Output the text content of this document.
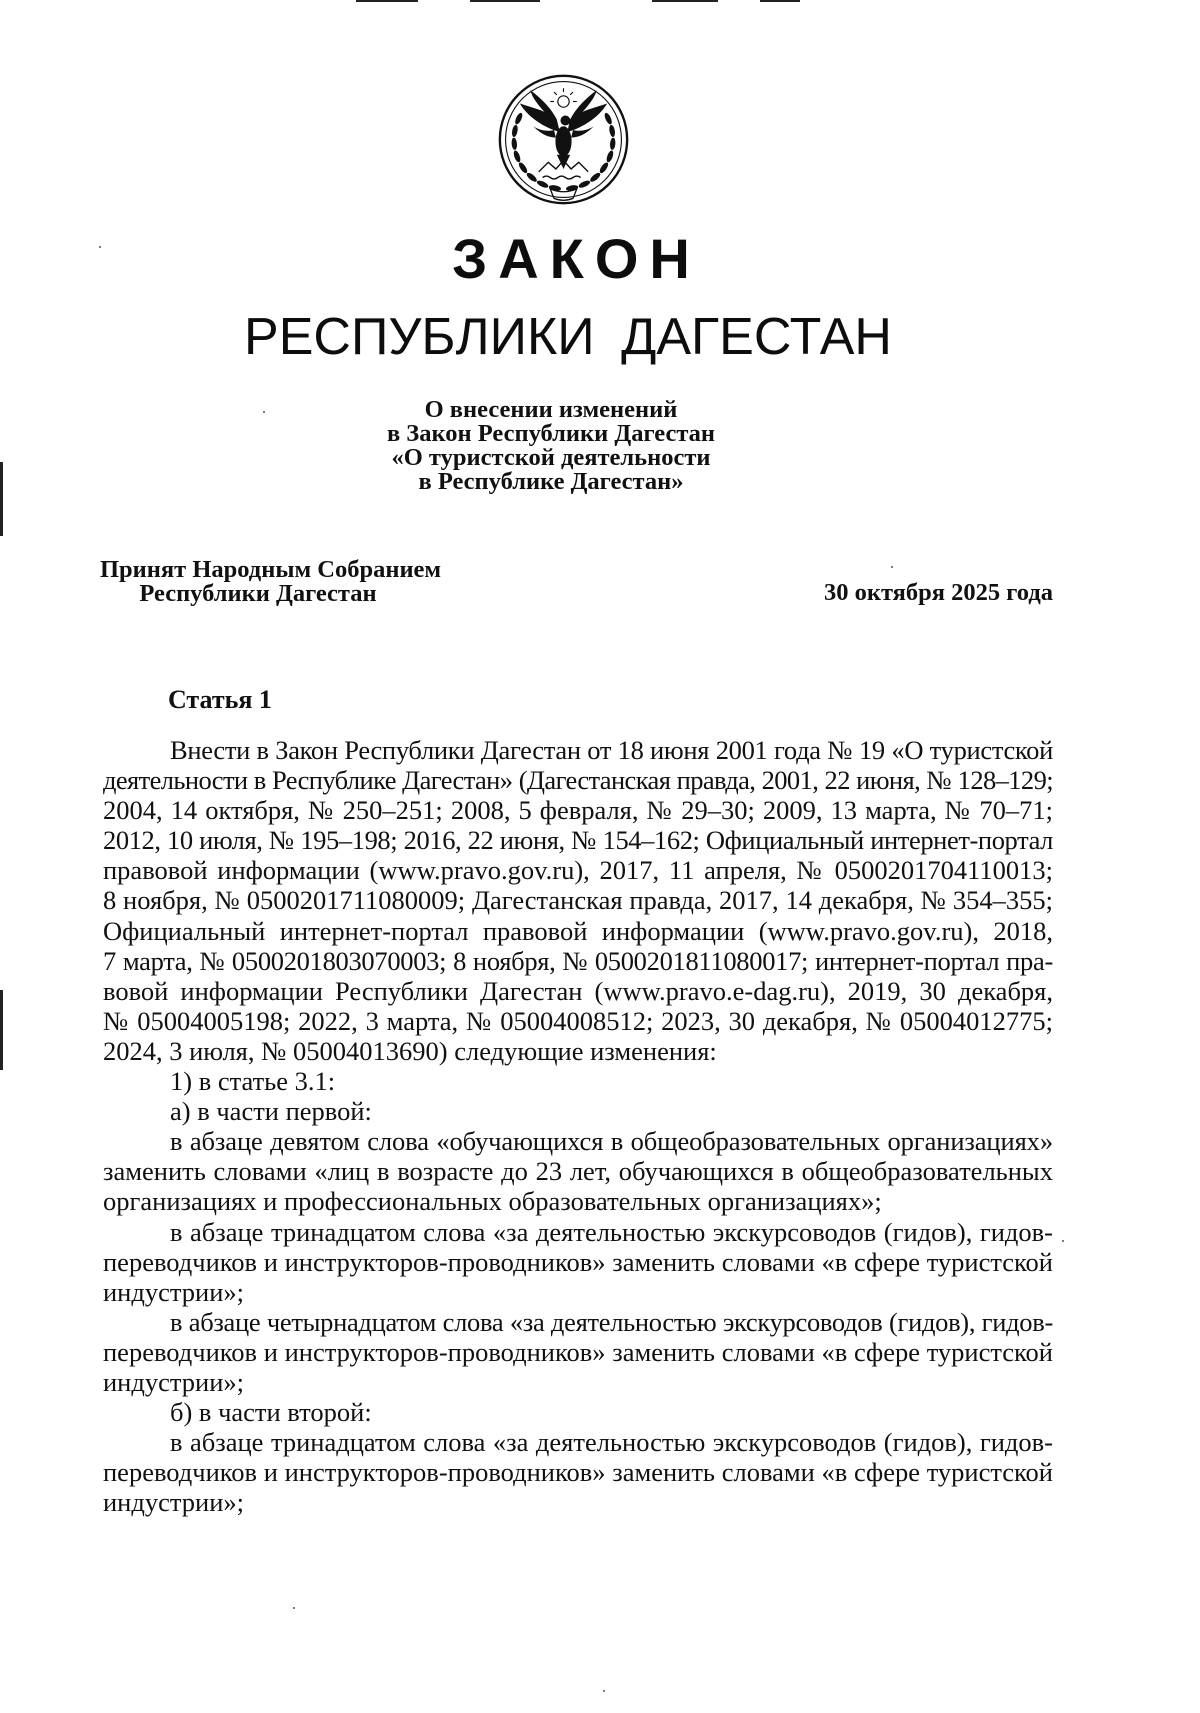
ЗАКОН
РЕСПУБЛИКИ ДАГЕСТАН
О внесении изменений
в Закон Республики Дагестан
«О туристской деятельности
в Республике Дагестан»
Принят Народным Собранием
Республики Дагестан	30 октября 2025 года
Статья 1
Внести в Закон Республики Дагестан от 18 июня 2001 года № 19 «О туристской
деятельности в Республике Дагестан» (Дагестанская правда, 2001, 22 июня, № 128–129;
2004, 14 октября, № 250–251; 2008, 5 февраля, № 29–30; 2009, 13 марта, № 70–71;
2012, 10 июля, № 195–198; 2016, 22 июня, № 154–162; Официальный интернет-портал
правовой информации (www.pravo.gov.ru), 2017, 11 апреля, № 0500201704110013;
8 ноября, № 0500201711080009; Дагестанская правда, 2017, 14 декабря, № 354–355;
Официальный интернет-портал правовой информации (www.pravo.gov.ru), 2018,
7 марта, № 0500201803070003; 8 ноября, № 0500201811080017; интернет-портал пра-
вовой информации Республики Дагестан (www.pravo.e-dag.ru), 2019, 30 декабря,
№ 05004005198; 2022, 3 марта, № 05004008512; 2023, 30 декабря, № 05004012775;
2024, 3 июля, № 05004013690) следующие изменения:
1) в статье 3.1:
а) в части первой:
в абзаце девятом слова «обучающихся в общеобразовательных организациях»
заменить словами «лиц в возрасте до 23 лет, обучающихся в общеобразовательных
организациях и профессиональных образовательных организациях»;
в абзаце тринадцатом слова «за деятельностью экскурсоводов (гидов), гидов-
переводчиков и инструкторов-проводников» заменить словами «в сфере туристской
индустрии»;
в абзаце четырнадцатом слова «за деятельностью экскурсоводов (гидов), гидов-
переводчиков и инструкторов-проводников» заменить словами «в сфере туристской
индустрии»;
б) в части второй:
в абзаце тринадцатом слова «за деятельностью экскурсоводов (гидов), гидов-
переводчиков и инструкторов-проводников» заменить словами «в сфере туристской
индустрии»;
